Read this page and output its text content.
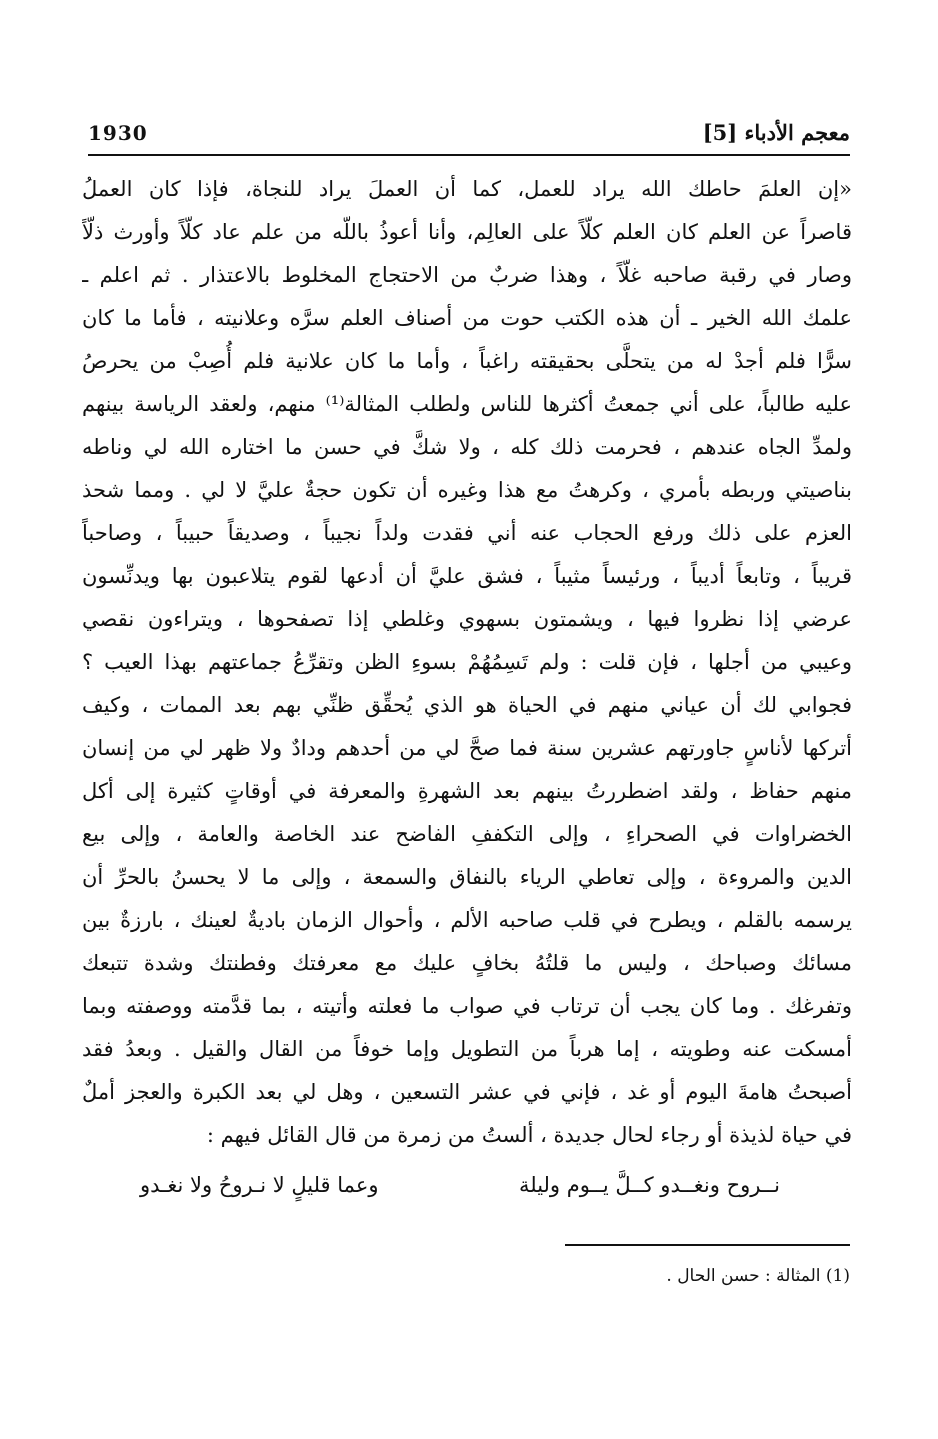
معجم الأدباء [5]
1930
«إن العلمَ حاطك الله يراد للعمل، كما أن العملَ يراد للنجاة، فإذا كان العملُ
قاصراً عن العلم كان العلم كلّاً على العالِم، وأنا أعوذُ باللّه من علم عاد كلّاً وأورث ذلّاً
وصار في رقبة صاحبه غلّاً ، وهذا ضربٌ من الاحتجاج المخلوط بالاعتذار . ثم اعلم ـ
علمك الله الخير ـ أن هذه الكتب حوت من أصناف العلم سرَّه وعلانيته ، فأما ما كان
سرًّا فلم أجدْ له من يتحلَّى بحقيقته راغباً ، وأما ما كان علانية فلم أُصِبْ من يحرصُ
عليه طالباً، على أني جمعتُ أكثرها للناس ولطلب المثالة⁽¹⁾ منهم، ولعقد الرياسة بينهم
ولمدِّ الجاه عندهم ، فحرمت ذلك كله ، ولا شكَّ في حسن ما اختاره الله لي وناطه
بناصيتي وربطه بأمري ، وكرهتُ مع هذا وغيره أن تكون حجةٌ عليَّ لا لي . ومما شحذ
العزم على ذلك ورفع الحجاب عنه أني فقدت ولداً نجيباً ، وصديقاً حبيباً ، وصاحباً
قريباً ، وتابعاً أديباً ، ورئيساً مثيباً ، فشق عليَّ أن أدعها لقوم يتلاعبون بها ويدنِّسون
عرضي إذا نظروا فيها ، ويشمتون بسهوي وغلطي إذا تصفحوها ، ويتراءون نقصي
وعيبي من أجلها ، فإن قلت : ولم تَسِمُهُمْ بسوءِ الظن وتقرِّعُ جماعتهم بهذا العيب ؟
فجوابي لك أن عياني منهم في الحياة هو الذي يُحقِّق ظنِّي بهم بعد الممات ، وكيف
أتركها لأناسٍ جاورتهم عشرين سنة فما صحَّ لي من أحدهم ودادٌ ولا ظهر لي من إنسان
منهم حفاظ ، ولقد اضطررتُ بينهم بعد الشهرةِ والمعرفة في أوقاتٍ كثيرة إلى أكل
الخضراوات في الصحراءِ ، وإلى التكففِ الفاضح عند الخاصة والعامة ، وإلى بيع
الدين والمروءة ، وإلى تعاطي الرياء بالنفاق والسمعة ، وإلى ما لا يحسنُ بالحرِّ أن
يرسمه بالقلم ، ويطرح في قلب صاحبه الألم ، وأحوال الزمان باديةٌ لعينك ، بارزةٌ بين
مسائك وصباحك ، وليس ما قلتُهُ بخافٍ عليك مع معرفتك وفطنتك وشدة تتبعك
وتفرغك . وما كان يجب أن ترتاب في صواب ما فعلته وأتيته ، بما قدَّمته ووصفته وبما
أمسكت عنه وطويته ، إما هرباً من التطويل وإما خوفاً من القال والقيل . وبعدُ فقد
أصبحتُ هامةَ اليوم أو غد ، فإني في عشر التسعين ، وهل لي بعد الكبرة والعجز أملٌ
في حياة لذيذة أو رجاء لحال جديدة ، ألستُ من زمرة من قال القائل فيهم :
نــروح ونغــدو كــلَّ يــوم وليلة
وعما قليلٍ لا نـروحُ ولا نغـدو
(1) المثالة : حسن الحال .
